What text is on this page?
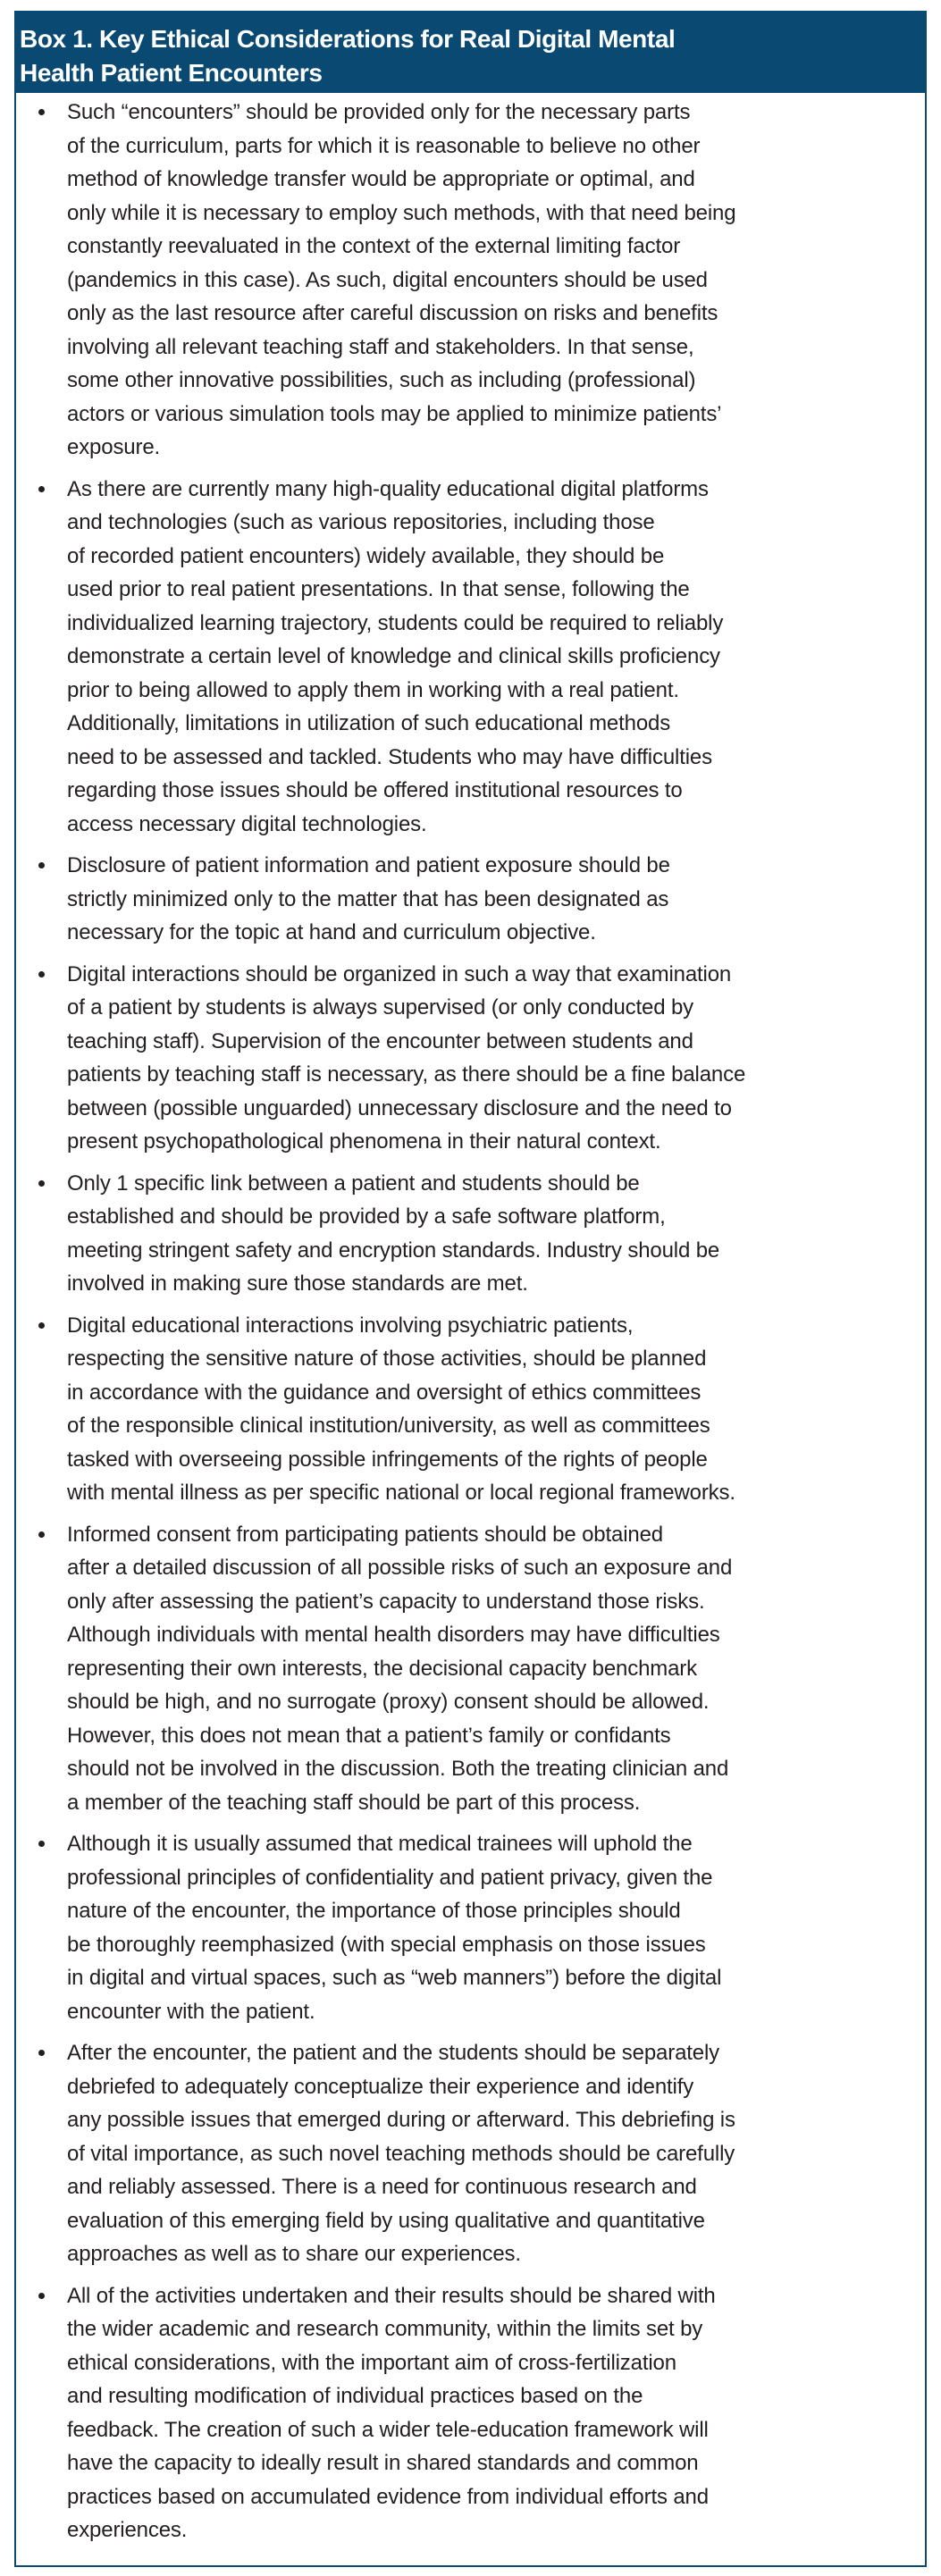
Box 1. Key Ethical Considerations for Real Digital Mental
Health Patient Encounters
Such “encounters” should be provided only for the necessary parts
of the curriculum, parts for which it is reasonable to believe no other
method of knowledge transfer would be appropriate or optimal, and
only while it is necessary to employ such methods, with that need being
constantly reevaluated in the context of the external limiting factor
(pandemics in this case). As such, digital encounters should be used
only as the last resource after careful discussion on risks and benefits
involving all relevant teaching staff and stakeholders. In that sense,
some other innovative possibilities, such as including (professional)
actors or various simulation tools may be applied to minimize patients’
exposure.
As there are currently many high-quality educational digital platforms
and technologies (such as various repositories, including those
of recorded patient encounters) widely available, they should be
used prior to real patient presentations. In that sense, following the
individualized learning trajectory, students could be required to reliably
demonstrate a certain level of knowledge and clinical skills proficiency
prior to being allowed to apply them in working with a real patient.
Additionally, limitations in utilization of such educational methods
need to be assessed and tackled. Students who may have difficulties
regarding those issues should be offered institutional resources to
access necessary digital technologies.
Disclosure of patient information and patient exposure should be
strictly minimized only to the matter that has been designated as
necessary for the topic at hand and curriculum objective.
Digital interactions should be organized in such a way that examination
of a patient by students is always supervised (or only conducted by
teaching staff). Supervision of the encounter between students and
patients by teaching staff is necessary, as there should be a fine balance
between (possible unguarded) unnecessary disclosure and the need to
present psychopathological phenomena in their natural context.
Only 1 specific link between a patient and students should be
established and should be provided by a safe software platform,
meeting stringent safety and encryption standards. Industry should be
involved in making sure those standards are met.
Digital educational interactions involving psychiatric patients,
respecting the sensitive nature of those activities, should be planned
in accordance with the guidance and oversight of ethics committees
of the responsible clinical institution/university, as well as committees
tasked with overseeing possible infringements of the rights of people
with mental illness as per specific national or local regional frameworks.
Informed consent from participating patients should be obtained
after a detailed discussion of all possible risks of such an exposure and
only after assessing the patient’s capacity to understand those risks.
Although individuals with mental health disorders may have difficulties
representing their own interests, the decisional capacity benchmark
should be high, and no surrogate (proxy) consent should be allowed.
However, this does not mean that a patient’s family or confidants
should not be involved in the discussion. Both the treating clinician and
a member of the teaching staff should be part of this process.
Although it is usually assumed that medical trainees will uphold the
professional principles of confidentiality and patient privacy, given the
nature of the encounter, the importance of those principles should
be thoroughly reemphasized (with special emphasis on those issues
in digital and virtual spaces, such as “web manners”) before the digital
encounter with the patient.
After the encounter, the patient and the students should be separately
debriefed to adequately conceptualize their experience and identify
any possible issues that emerged during or afterward. This debriefing is
of vital importance, as such novel teaching methods should be carefully
and reliably assessed. There is a need for continuous research and
evaluation of this emerging field by using qualitative and quantitative
approaches as well as to share our experiences.
All of the activities undertaken and their results should be shared with
the wider academic and research community, within the limits set by
ethical considerations, with the important aim of cross-fertilization
and resulting modification of individual practices based on the
feedback. The creation of such a wider tele-education framework will
have the capacity to ideally result in shared standards and common
practices based on accumulated evidence from individual efforts and
experiences.
